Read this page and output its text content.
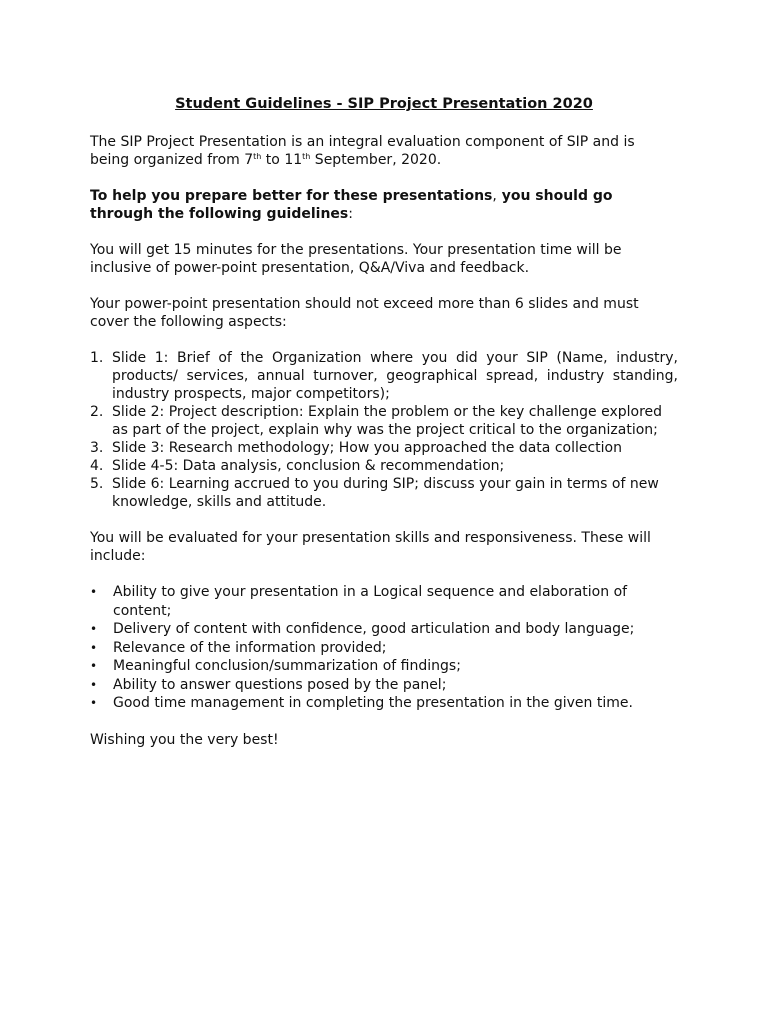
Student Guidelines - SIP Project Presentation 2020

The SIP Project Presentation is an integral evaluation component of SIP and is being organized from 7th to 11th September, 2020.

To help you prepare better for these presentations, you should go through the following guidelines:

You will get 15 minutes for the presentations. Your presentation time will be inclusive of power-point presentation, Q&A/Viva and feedback.

Your power-point presentation should not exceed more than 6 slides and must cover the following aspects:

1. Slide 1: Brief of the Organization where you did your SIP (Name, industry, products/ services, annual turnover, geographical spread, industry standing, industry prospects, major competitors);
2. Slide 2: Project description: Explain the problem or the key challenge explored as part of the project, explain why was the project critical to the organization;
3. Slide 3: Research methodology; How you approached the data collection
4. Slide 4-5: Data analysis, conclusion & recommendation;
5. Slide 6: Learning accrued to you during SIP; discuss your gain in terms of new knowledge, skills and attitude.

You will be evaluated for your presentation skills and responsiveness. These will include:

• Ability to give your presentation in a Logical sequence and elaboration of content;
• Delivery of content with confidence, good articulation and body language;
• Relevance of the information provided;
• Meaningful conclusion/summarization of findings;
• Ability to answer questions posed by the panel;
• Good time management in completing the presentation in the given time.

Wishing you the very best!
